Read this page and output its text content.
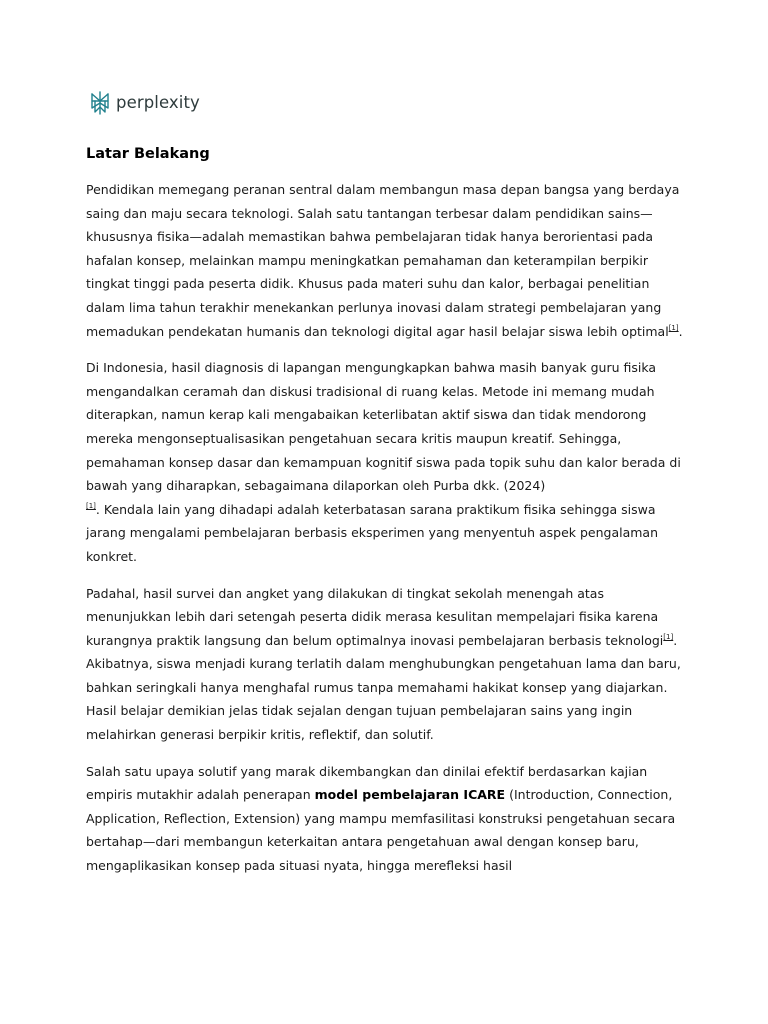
perplexity
Latar Belakang

Pendidikan memegang peranan sentral dalam membangun masa depan bangsa yang berdaya saing dan maju secara teknologi. Salah satu tantangan terbesar dalam pendidikan sains—khususnya fisika—adalah memastikan bahwa pembelajaran tidak hanya berorientasi pada hafalan konsep, melainkan mampu meningkatkan pemahaman dan keterampilan berpikir tingkat tinggi pada peserta didik. Khusus pada materi suhu dan kalor, berbagai penelitian dalam lima tahun terakhir menekankan perlunya inovasi dalam strategi pembelajaran yang memadukan pendekatan humanis dan teknologi digital agar hasil belajar siswa lebih optimal[1].

Di Indonesia, hasil diagnosis di lapangan mengungkapkan bahwa masih banyak guru fisika mengandalkan ceramah dan diskusi tradisional di ruang kelas. Metode ini memang mudah diterapkan, namun kerap kali mengabaikan keterlibatan aktif siswa dan tidak mendorong mereka mengonseptualisasikan pengetahuan secara kritis maupun kreatif. Sehingga, pemahaman konsep dasar dan kemampuan kognitif siswa pada topik suhu dan kalor berada di bawah yang diharapkan, sebagaimana dilaporkan oleh Purba dkk. (2024)
[1]. Kendala lain yang dihadapi adalah keterbatasan sarana praktikum fisika sehingga siswa jarang mengalami pembelajaran berbasis eksperimen yang menyentuh aspek pengalaman konkret.

Padahal, hasil survei dan angket yang dilakukan di tingkat sekolah menengah atas menunjukkan lebih dari setengah peserta didik merasa kesulitan mempelajari fisika karena kurangnya praktik langsung dan belum optimalnya inovasi pembelajaran berbasis teknologi[1]. Akibatnya, siswa menjadi kurang terlatih dalam menghubungkan pengetahuan lama dan baru, bahkan seringkali hanya menghafal rumus tanpa memahami hakikat konsep yang diajarkan. Hasil belajar demikian jelas tidak sejalan dengan tujuan pembelajaran sains yang ingin melahirkan generasi berpikir kritis, reflektif, dan solutif.

Salah satu upaya solutif yang marak dikembangkan dan dinilai efektif berdasarkan kajian empiris mutakhir adalah penerapan model pembelajaran ICARE (Introduction, Connection, Application, Reflection, Extension) yang mampu memfasilitasi konstruksi pengetahuan secara bertahap—dari membangun keterkaitan antara pengetahuan awal dengan konsep baru, mengaplikasikan konsep pada situasi nyata, hingga merefleksi hasil
